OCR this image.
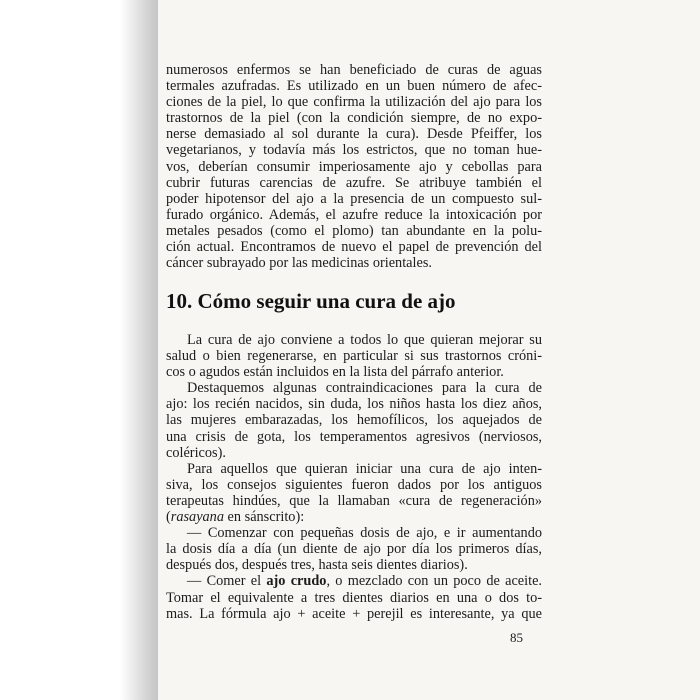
numerosos enfermos se han beneficiado de curas de aguas
termales azufradas. Es utilizado en un buen número de afec-
ciones de la piel, lo que confirma la utilización del ajo para los
trastornos de la piel (con la condición siempre, de no expo-
nerse demasiado al sol durante la cura). Desde Pfeiffer, los
vegetarianos, y todavía más los estrictos, que no toman hue-
vos, deberían consumir imperiosamente ajo y cebollas para
cubrir futuras carencias de azufre. Se atribuye también el
poder hipotensor del ajo a la presencia de un compuesto sul-
furado orgánico. Además, el azufre reduce la intoxicación por
metales pesados (como el plomo) tan abundante en la polu-
ción actual. Encontramos de nuevo el papel de prevención del
cáncer subrayado por las medicinas orientales.
10. Cómo seguir una cura de ajo
La cura de ajo conviene a todos lo que quieran mejorar su
salud o bien regenerarse, en particular si sus trastornos cróni-
cos o agudos están incluidos en la lista del párrafo anterior.
Destaquemos algunas contraindicaciones para la cura de
ajo: los recién nacidos, sin duda, los niños hasta los diez años,
las mujeres embarazadas, los hemofílicos, los aquejados de
una crisis de gota, los temperamentos agresivos (nerviosos,
coléricos).
Para aquellos que quieran iniciar una cura de ajo inten-
siva, los consejos siguientes fueron dados por los antiguos
terapeutas hindúes, que la llamaban «cura de regeneración»
(rasayana en sánscrito):
— Comenzar con pequeñas dosis de ajo, e ir aumentando
la dosis día a día (un diente de ajo por día los primeros días,
después dos, después tres, hasta seis dientes diarios).
— Comer el ajo crudo, o mezclado con un poco de aceite.
Tomar el equivalente a tres dientes diarios en una o dos to-
mas. La fórmula ajo + aceite + perejil es interesante, ya que
85
